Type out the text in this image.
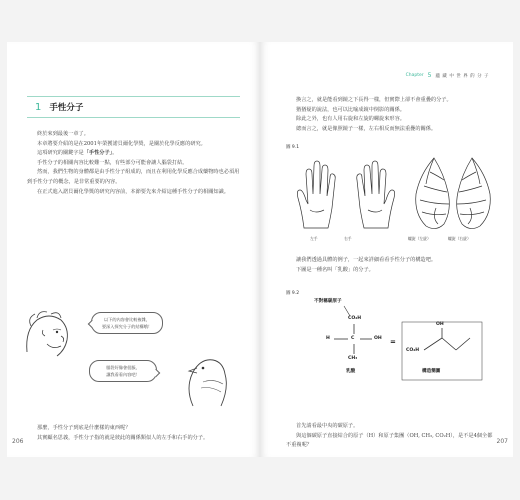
1 手性分子

終於來到最後一章了。

本章將要介紹的是在2001年榮獲諾貝爾化學獎，是關於化學反應的研究。

這項研究的關鍵字是「手性分子」。

手性分子的相關內容比較難一點，有些部分可能會讓人腦袋打結。

然而，我們生物的身體都是由手性分子組成的，而且在利用化學反應合成藥物時也必須用到手性分子的概念，是非常重要的內容。

在正式進入諾貝爾化學獎的研究內容前，本節要先來介紹這種手性分子的相關知識。

以下的內容會比較複雜，
要深入探究分子的結構哦！
腦袋好像會很脹，
讓我看看內容吧！

那麼，手性分子到底是什麼樣的東西呢？

其實顧名思義，手性分子指的就是彼此的關係類似人的左手和右手的分子。

206
Chapter 5 蘊 藏 中 世 界 的 分 子

換言之，就是能看到鏡之下長得一樣，但實際上卻不會重疊的分子。

猶猶疑的說法，也可以比喻成鏡中倒影的關係。

除此之外，也有人用右旋和左旋的螺旋來形容。

總而言之，就是像照鏡子一樣，左右相反而無法重疊的關係。

圖 9.1
左手	右手	螺旋（左旋）	螺旋（右旋）

讓我們透過具體的例子，一起來詳細看看手性分子的構造吧。

下圖是一種名叫「乳酸」的分子。

圖 9.2
不對稱碳原子
CO₂H
H	C	OH
CH₃
乳酸
=
CO₂H
OH
構造簡圖

首先請看最中央的碳原子。

與這個碳原子直接結合的原子（H）和原子集團（OH, CH₃, CO₂H），是不是4個全都不重複呢？

207
